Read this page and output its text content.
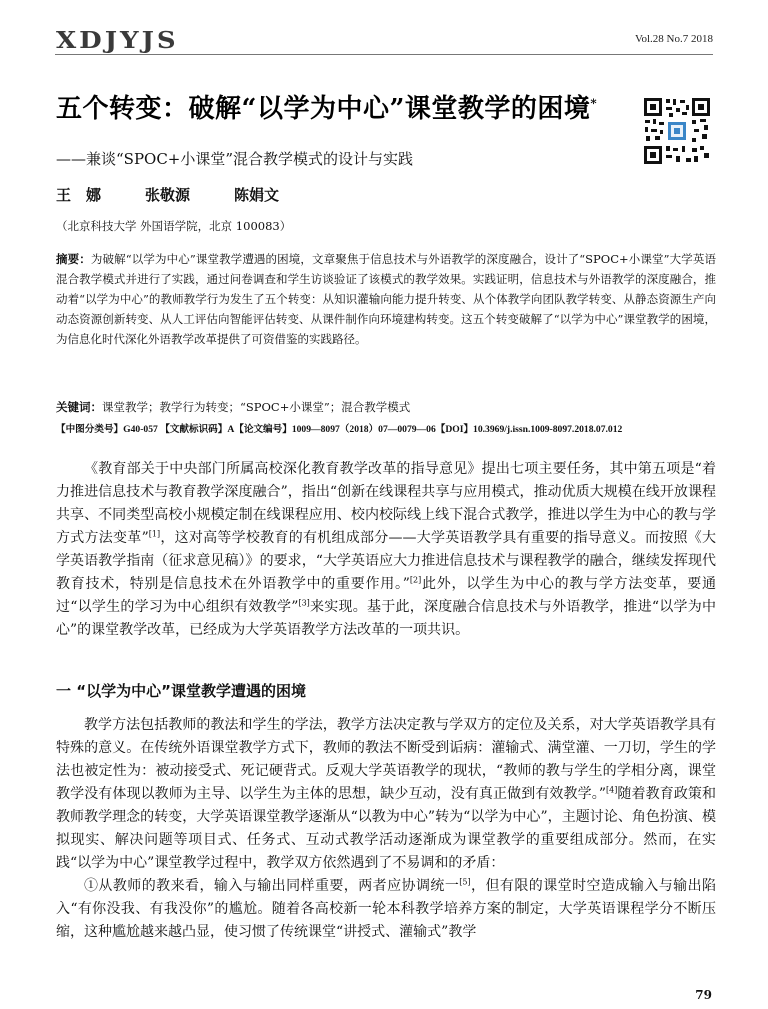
XDJYJS	Vol.28 No.7 2018
五个转变：破解“以学为中心”课堂教学的困境*
——兼谈“SPOC+小课堂”混合教学模式的设计与实践
王　娜	张敬源	陈娟文
（北京科技大学 外国语学院，北京 100083）
摘要：为破解“以学为中心”课堂教学遭遇的困境，文章聚焦于信息技术与外语教学的深度融合，设计了“SPOC+小课堂”大学英语混合教学模式并进行了实践，通过问卷调查和学生访谈验证了该模式的教学效果。实践证明，信息技术与外语教学的深度融合，推动着“以学为中心”的教师教学行为发生了五个转变：从知识灌输向能力提升转变、从个体教学向团队教学转变、从静态资源生产向动态资源创新转变、从人工评估向智能评估转变、从课件制作向环境建构转变。这五个转变破解了“以学为中心”课堂教学的困境，为信息化时代深化外语教学改革提供了可资借鉴的实践路径。
关键词：课堂教学；教学行为转变；“SPOC+小课堂”；混合教学模式
【中图分类号】G40-057 【文献标识码】A【论文编号】1009—8097（2018）07—0079—06【DOI】10.3969/j.issn.1009-8097.2018.07.012

《教育部关于中央部门所属高校深化教育教学改革的指导意见》提出七项主要任务，其中第五项是“着力推进信息技术与教育教学深度融合”，指出“创新在线课程共享与应用模式，推动优质大规模在线开放课程共享、不同类型高校小规模定制在线课程应用、校内校际线上线下混合式教学，推进以学生为中心的教与学方式方法变革”[1]，这对高等学校教育的有机组成部分——大学英语教学具有重要的指导意义。而按照《大学英语教学指南（征求意见稿）》的要求，“大学英语应大力推进信息技术与课程教学的融合，继续发挥现代教育技术，特别是信息技术在外语教学中的重要作用。”[2]此外，以学生为中心的教与学方法变革，要通过“以学生的学习为中心组织有效教学”[3]来实现。基于此，深度融合信息技术与外语教学，推进“以学为中心”的课堂教学改革，已经成为大学英语教学方法改革的一项共识。

一 “以学为中心”课堂教学遭遇的困境

教学方法包括教师的教法和学生的学法，教学方法决定教与学双方的定位及关系，对大学英语教学具有特殊的意义。在传统外语课堂教学方式下，教师的教法不断受到诟病：灌输式、满堂灌、一刀切，学生的学法也被定性为：被动接受式、死记硬背式。反观大学英语教学的现状，“教师的教与学生的学相分离，课堂教学没有体现以教师为主导、以学生为主体的思想，缺少互动，没有真正做到有效教学。”[4]随着教育政策和教师教学理念的转变，大学英语课堂教学逐渐从“以教为中心”转为“以学为中心”，主题讨论、角色扮演、模拟现实、解决问题等项目式、任务式、互动式教学活动逐渐成为课堂教学的重要组成部分。然而，在实践“以学为中心”课堂教学过程中，教学双方依然遇到了不易调和的矛盾：

①从教师的教来看，输入与输出同样重要，两者应协调统一[5]，但有限的课堂时空造成输入与输出陷入“有你没我、有我没你”的尴尬。随着各高校新一轮本科教学培养方案的制定，大学英语课程学分不断压缩，这种尴尬越来越凸显，使习惯了传统课堂“讲授式、灌输式”教学

79
